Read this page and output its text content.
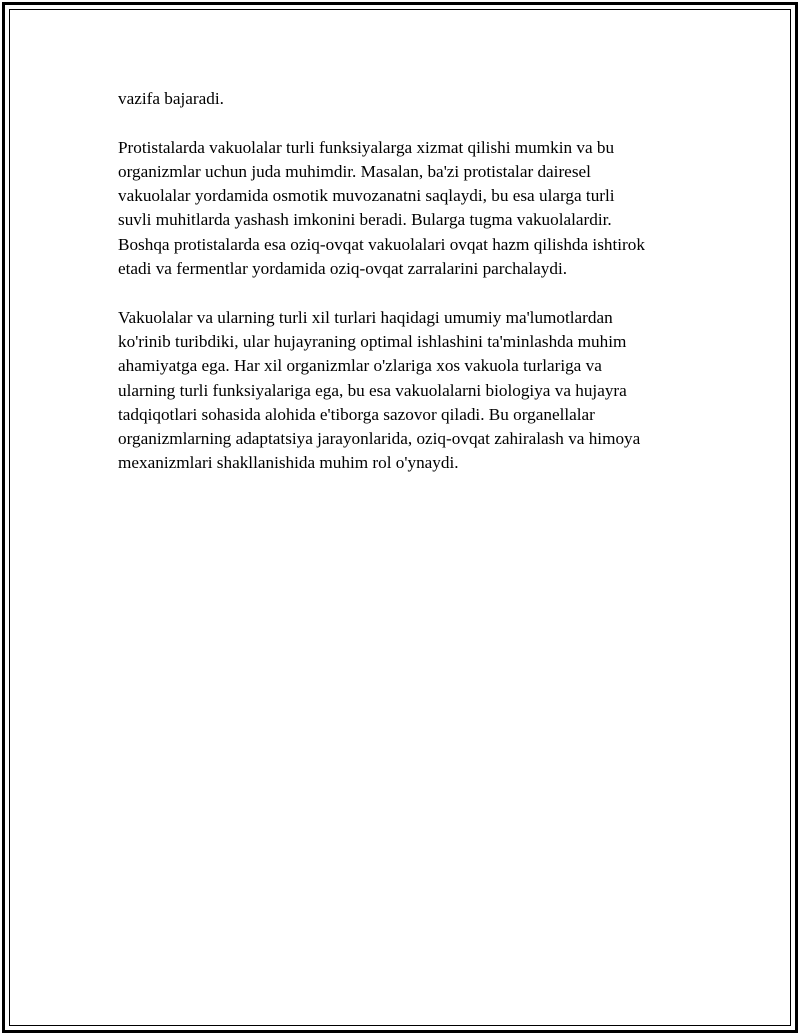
vazifa bajaradi.

Protistalarda vakuolalar turli funksiyalarga xizmat qilishi mumkin va bu
organizmlar uchun juda muhimdir. Masalan, ba'zi protistalar dairesel
vakuolalar yordamida osmotik muvozanatni saqlaydi, bu esa ularga turli
suvli muhitlarda yashash imkonini beradi. Bularga tugma vakuolalardir.
Boshqa protistalarda esa oziq-ovqat vakuolalari ovqat hazm qilishda ishtirok
etadi va fermentlar yordamida oziq-ovqat zarralarini parchalaydi.

Vakuolalar va ularning turli xil turlari haqidagi umumiy ma'lumotlardan
ko'rinib turibdiki, ular hujayraning optimal ishlashini ta'minlashda muhim
ahamiyatga ega. Har xil organizmlar o'zlariga xos vakuola turlariga va
ularning turli funksiyalariga ega, bu esa vakuolalarni biologiya va hujayra
tadqiqotlari sohasida alohida e'tiborga sazovor qiladi. Bu organellalar
organizmlarning adaptatsiya jarayonlarida, oziq-ovqat zahiralash va himoya
mexanizmlari shakllanishida muhim rol o'ynaydi.
